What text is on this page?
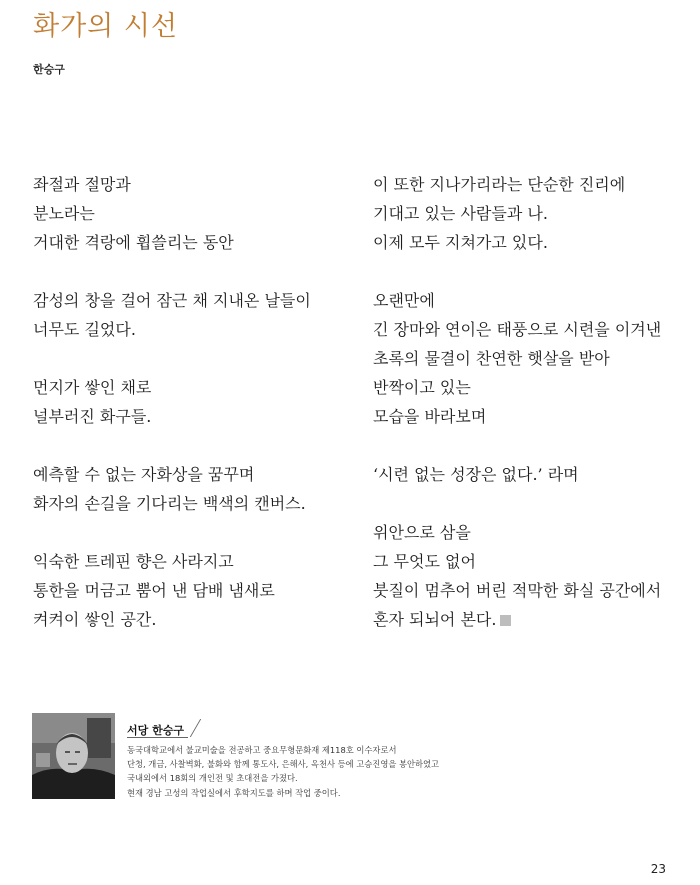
화가의 시선
한승구
좌절과 절망과
분노라는
거대한 격랑에 휩쓸리는 동안
감성의 창을 걸어 잠근 채 지내온 날들이
너무도 길었다.
먼지가 쌓인 채로
널부러진 화구들.
예측할 수 없는 자화상을 꿈꾸며
화자의 손길을 기다리는 백색의 캔버스.
익숙한 트레핀 향은 사라지고
통한을 머금고 뿜어 낸 담배 냄새로
켜켜이 쌓인 공간.
이 또한 지나가리라는 단순한 진리에
기대고 있는 사람들과 나.
이제 모두 지쳐가고 있다.
오랜만에
긴 장마와 연이은 태풍으로 시련을 이겨낸
초록의 물결이 찬연한 햇살을 받아
반짝이고 있는
모습을 바라보며
‘시련 없는 성장은 없다.’ 라며
위안으로 삼을
그 무엇도 없어
붓질이 멈추어 버린 적막한 화실 공간에서
혼자 되뇌어 본다.
서당 한승구
동국대학교에서 불교미술을 전공하고 중요무형문화재 제118호 이수자로서
단청, 개금, 사찰벽화, 불화와 함께 통도사, 은해사, 옥천사 등에 고승진영을 봉안하였고
국내외에서 18회의 개인전 및 초대전을 가졌다.
현재 경남 고성의 작업실에서 후학지도를 하며 작업 중이다.
23
